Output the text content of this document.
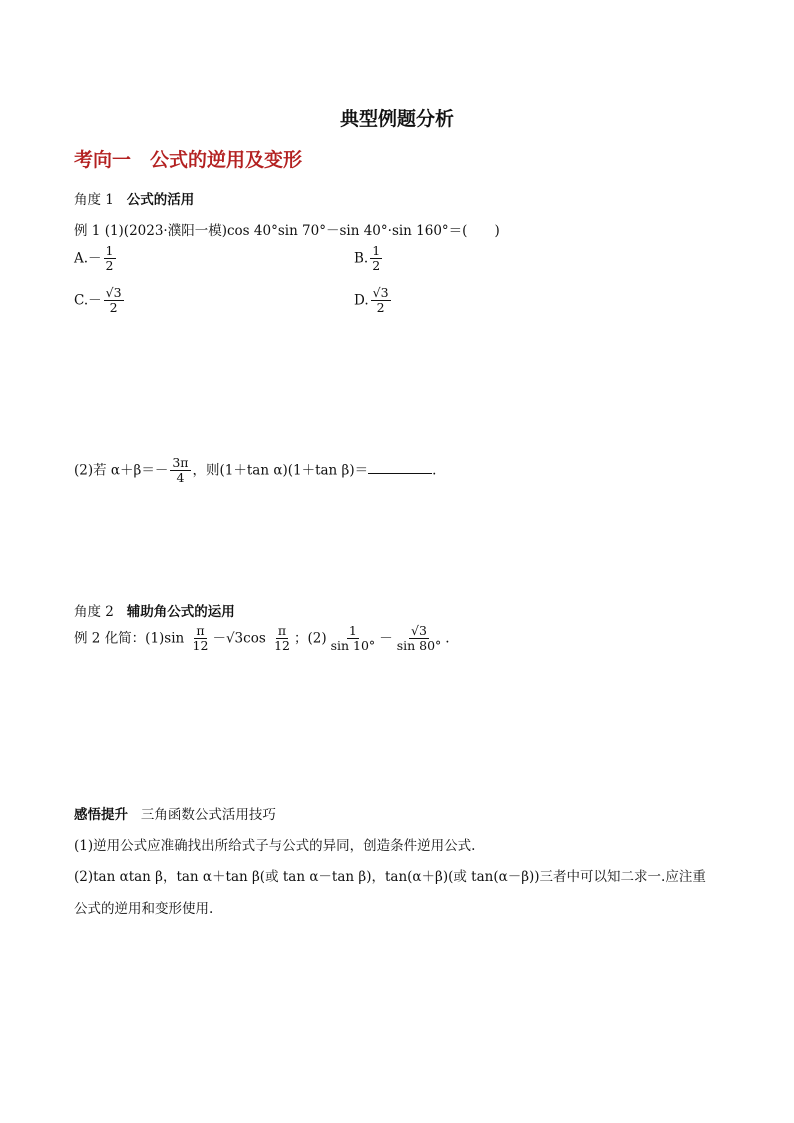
典型例题分析
考向一　公式的逆用及变形
角度 1 公式的活用
例 1 (1)(2023·濮阳一模)cos 40°sin 70°－sin 40°·sin 160°＝(　　)
$A.- \frac{1}{2}$	B. $\frac{1}{2}$
$C.- \frac{√3}{2}$	D. $\frac{√3}{2}$
(2)若 $\alpha+\beta=- \frac{3\pi}{4}$ ，则(1＋tan α)(1＋tan β)＝	.
角度 2 辅助角公式的运用
例 2 化简：$(1)\sin \frac{\pi}{12} -√3\cos \frac{\pi}{12}$ ；$(2) \frac{1}{\sin 10^\circ} - \frac{√3}{\sin 80^\circ}$ .
感悟提升 三角函数公式活用技巧
(1)逆用公式应准确找出所给式子与公式的异同，创造条件逆用公式.
(2)tan αtan β，tan α＋tan β(或 tan α－tan β)，tan(α＋β)(或 tan(α－β))三者中可以知二求一.应注重
公式的逆用和变形使用.
